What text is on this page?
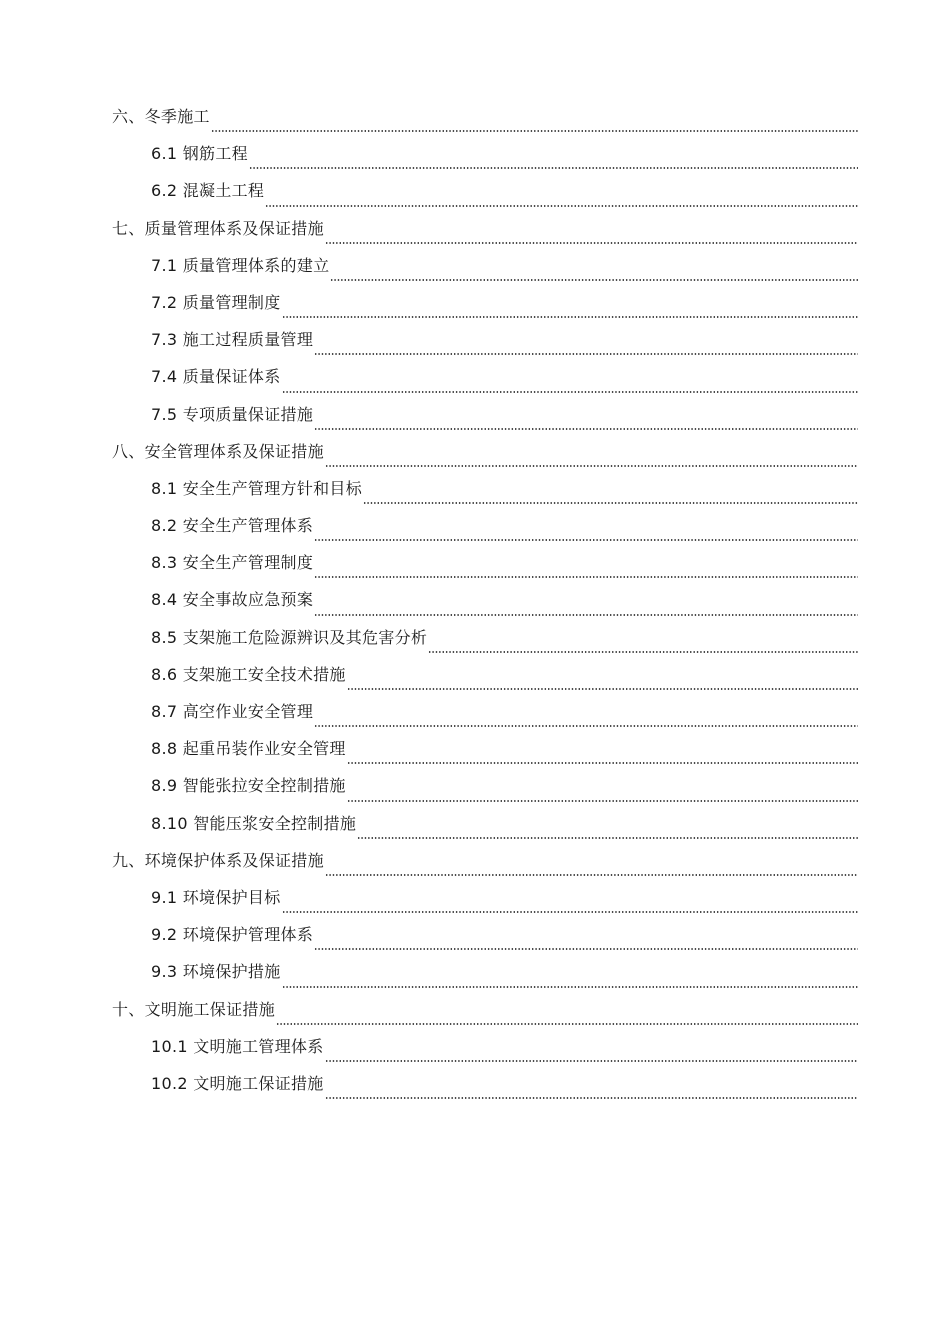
六、冬季施工
6.1 钢筋工程
6.2 混凝土工程
七、质量管理体系及保证措施
7.1 质量管理体系的建立
7.2 质量管理制度
7.3 施工过程质量管理
7.4 质量保证体系
7.5 专项质量保证措施
八、安全管理体系及保证措施
8.1 安全生产管理方针和目标
8.2 安全生产管理体系
8.3 安全生产管理制度
8.4 安全事故应急预案
8.5 支架施工危险源辨识及其危害分析
8.6 支架施工安全技术措施
8.7 高空作业安全管理
8.8 起重吊装作业安全管理
8.9 智能张拉安全控制措施
8.10 智能压浆安全控制措施
九、环境保护体系及保证措施
9.1 环境保护目标
9.2 环境保护管理体系
9.3 环境保护措施
十、文明施工保证措施
10.1 文明施工管理体系
10.2 文明施工保证措施
